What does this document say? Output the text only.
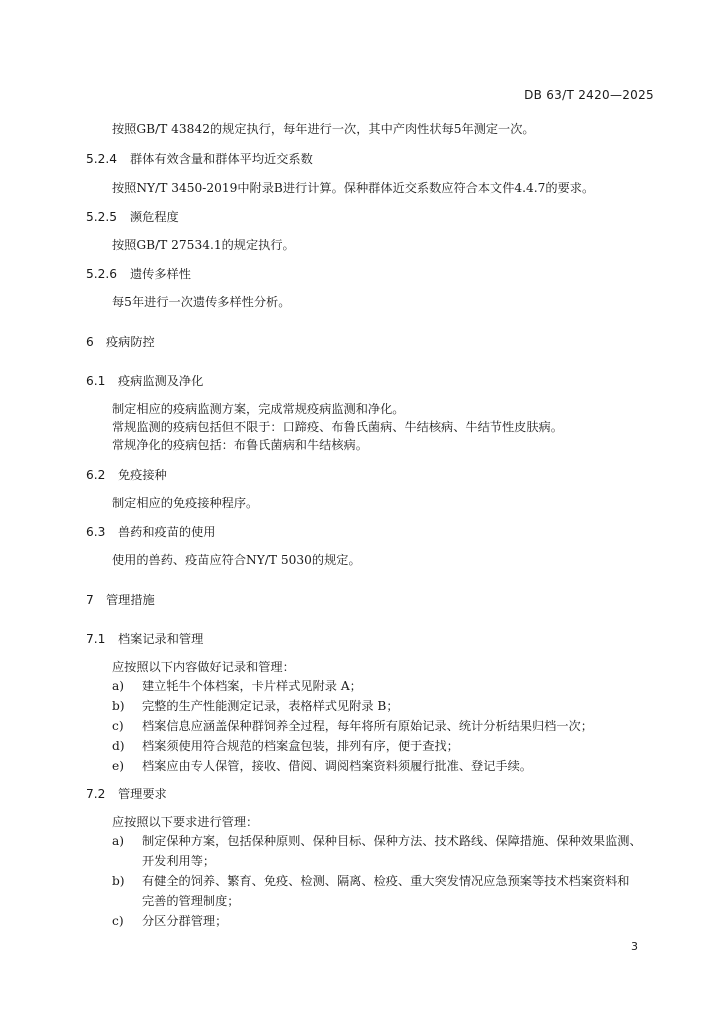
DB 63/T 2420—2025
按照GB/T 43842的规定执行，每年进行一次，其中产肉性状每5年测定一次。
5.2.4 群体有效含量和群体平均近交系数
按照NY/T 3450-2019中附录B进行计算。保种群体近交系数应符合本文件4.4.7的要求。
5.2.5 濒危程度
按照GB/T 27534.1的规定执行。
5.2.6 遗传多样性
每5年进行一次遗传多样性分析。
6 疫病防控
6.1 疫病监测及净化
制定相应的疫病监测方案，完成常规疫病监测和净化。
常规监测的疫病包括但不限于：口蹄疫、布鲁氏菌病、牛结核病、牛结节性皮肤病。
常规净化的疫病包括：布鲁氏菌病和牛结核病。
6.2 免疫接种
制定相应的免疫接种程序。
6.3 兽药和疫苗的使用
使用的兽药、疫苗应符合NY/T 5030的规定。
7 管理措施
7.1 档案记录和管理
应按照以下内容做好记录和管理：
a) 建立牦牛个体档案，卡片样式见附录 A；
b) 完整的生产性能测定记录，表格样式见附录 B；
c) 档案信息应涵盖保种群饲养全过程，每年将所有原始记录、统计分析结果归档一次；
d) 档案须使用符合规范的档案盒包装，排列有序，便于查找；
e) 档案应由专人保管，接收、借阅、调阅档案资料须履行批准、登记手续。
7.2 管理要求
应按照以下要求进行管理：
a) 制定保种方案，包括保种原则、保种目标、保种方法、技术路线、保障措施、保种效果监测、
开发利用等；
b) 有健全的饲养、繁育、免疫、检测、隔离、检疫、重大突发情况应急预案等技术档案资料和
完善的管理制度；
c) 分区分群管理；
3
